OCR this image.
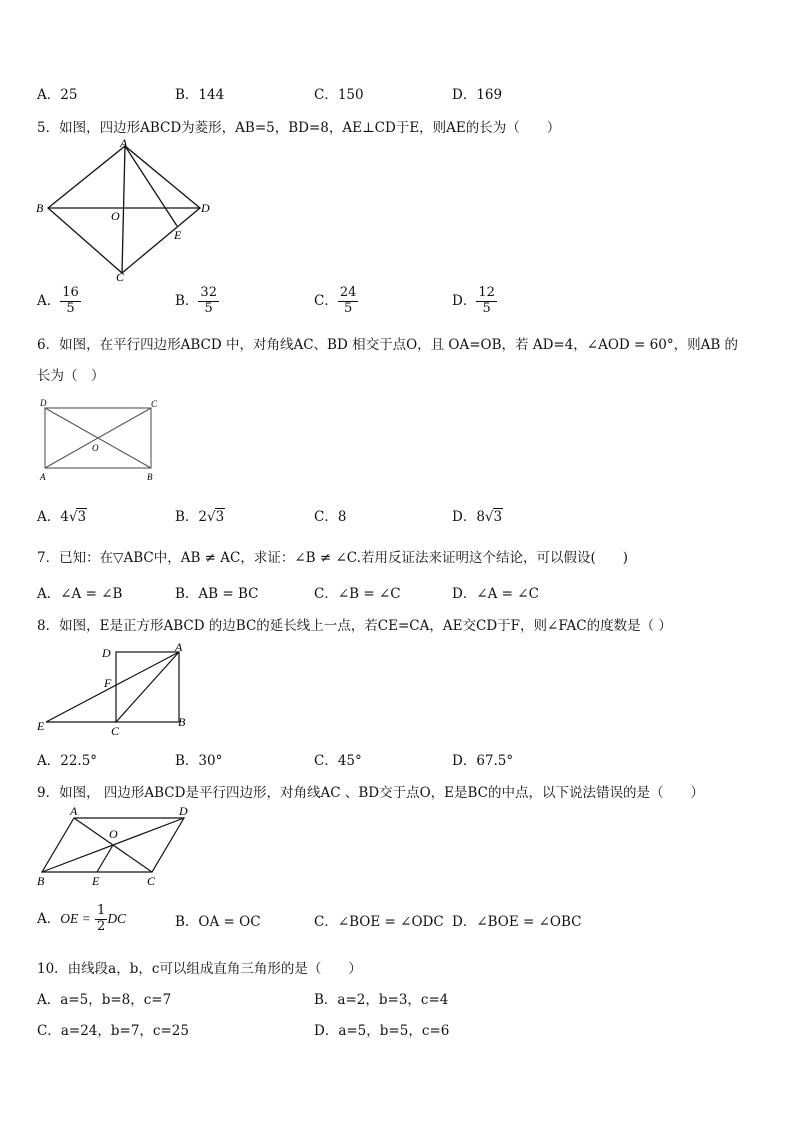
A．25	B．144	C．150	D．169
5．如图，四边形ABCD为菱形，AB=5，BD=8，AE⊥CD于E，则AE的长为（　　）
A
B	D
C
O
E
A． $\frac{16}{5}$	B． $\frac{32}{5}$	C． $\frac{24}{5}$	D． $\frac{12}{5}$
6．如图，在平行四边形ABCD 中，对角线AC、BD 相交于点O，且 OA=OB，若 AD=4，∠AOD = 60°，则AB 的
长为（　）
D	C
A	B
O
A．4√3	B．2√3	C．8	D．8√3
7．已知：在▽ABC中，AB ≠ AC，求证：∠B ≠ ∠C.若用反证法来证明这个结论，可以假设(　　)
A．∠A = ∠B	B．AB = BC	C．∠B = ∠C	D．∠A = ∠C
8．如图，E是正方形ABCD 的边BC的延长线上一点，若CE=CA，AE交CD于F，则∠FAC的度数是（ ）
D	A
F
E	C
B
A．22.5°	B．30°	C．45°	D．67.5°
9．如图， 四边形ABCD是平行四边形，对角线AC 、BD交于点O，E是BC的中点，以下说法错误的是（　　）
A	D
O
B	E	C
A．OE = $\frac{1}{2}$ DC	B．OA = OC	C．∠BOE = ∠ODC D．∠BOE = ∠OBC
10．由线段a，b，c可以组成直角三角形的是（　　）
A．a=5，b=8，c=7	B．a=2，b=3，c=4
C．a=24，b=7，c=25	D．a=5，b=5，c=6
